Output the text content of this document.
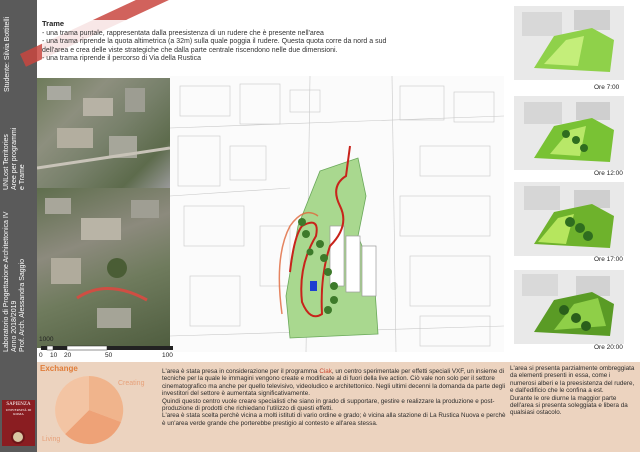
Studente: Silvia Bottitelli
UNLost Territories Aree per programmi e Trame
Laboratorio di Progettazione Architettonica IV Anno 2018/2019 Prof. Arch. Alessandra Saggio
SAPIENZA
UNIVERSITÀ DI ROMA
Trame
- una trama puntale, rappresentata dalla preesistenza di un rudere che è presente nell'area
- una trama riprende la quota altimetrica (a 32m) sulla quale poggia il rudere. Questa quota corre da nord a sud
dell'area e crea delle viste strategiche che dalla parte centrale riscendono nelle due dimensioni.
- una trama riprende il percorso di Via della Rustica
1000
0 10 20	50	100
Ore 7:00
Ore 12:00
Ore 17:00
Ore 20:00
Exchange
Creating
Living

L'area è stata presa in considerazione per il programma Ciak, un centro sperimentale per effetti speciali VXF, un insieme di tecniche per la quale le immagini vengono create e modificate al di fuori della live action. Ciò vale non solo per il settore cinematografico ma anche per quello televisivo, videoludico e architettonico. Negli ultimi decenni la domanda da parte degli investitori del settore è aumentata significativamente.

Quindi questo centro vuole creare specialisti che siano in grado di supportare, gestire e realizzare la produzione e post-produzione di prodotti che richiedano l'utilizzo di questi effetti.

L'area è stata scelta perchè vicina a molti istituti di vario ordine e grado; è vicina alla stazione di La Rustica Nuova e perchè è un'area verde grande che porterebbe prestigio al contesto e all'area stessa.

L'area si presenta parzialmente ombreggiata da elementi presenti in essa, come i numerosi alberi e la preesistenza del rudere, e dall'edificio che le confina a est.

Durante le ore diurne la maggior parte dell'area si presenta soleggiata e libera da qualsiasi ostacolo.
